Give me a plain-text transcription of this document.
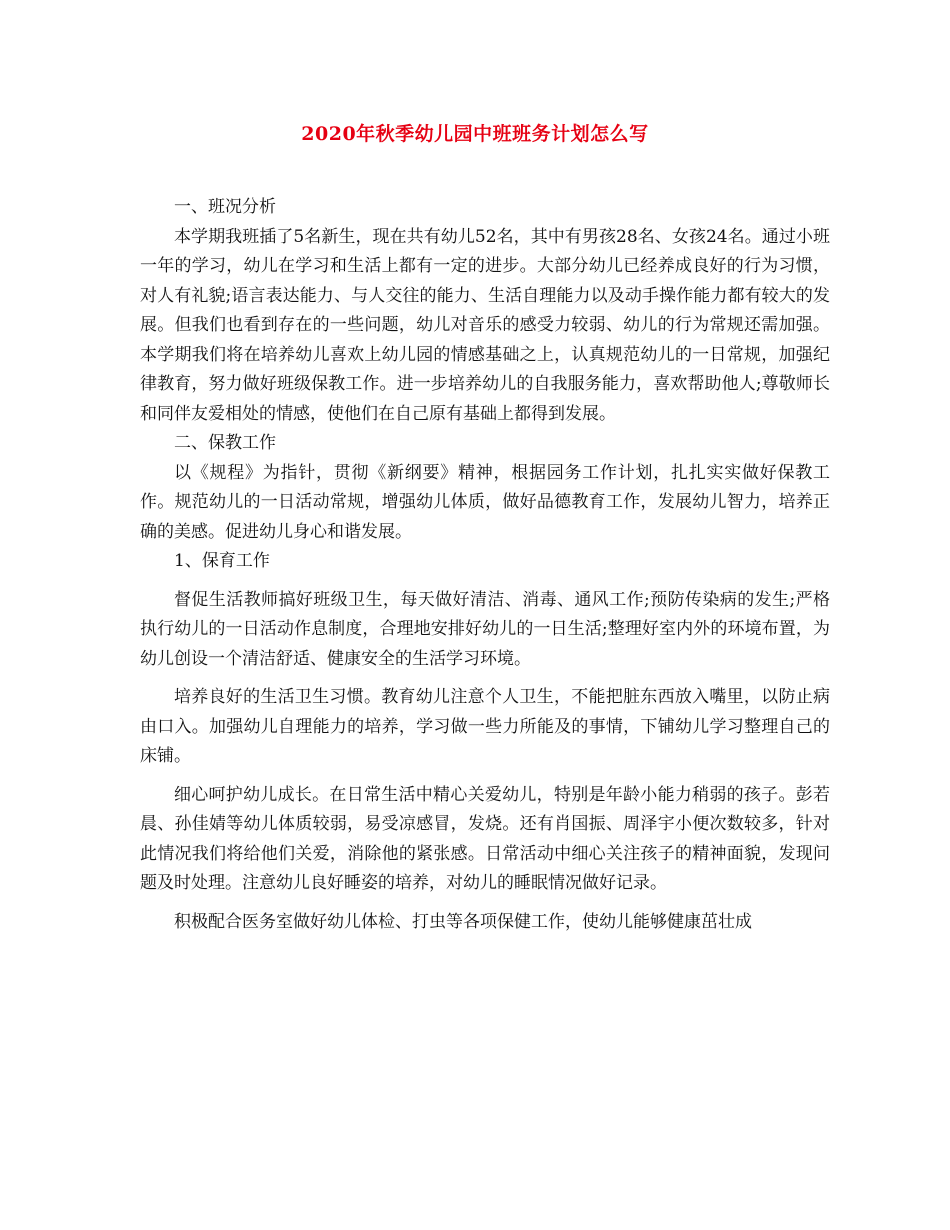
2020年秋季幼儿园中班班务计划怎么写

一、班况分析

本学期我班插了5名新生，现在共有幼儿52名，其中有男孩28名、女孩24名。通过小班一年的学习，幼儿在学习和生活上都有一定的进步。大部分幼儿已经养成良好的行为习惯，对人有礼貌;语言表达能力、与人交往的能力、生活自理能力以及动手操作能力都有较大的发展。但我们也看到存在的一些问题，幼儿对音乐的感受力较弱、幼儿的行为常规还需加强。本学期我们将在培养幼儿喜欢上幼儿园的情感基础之上，认真规范幼儿的一日常规，加强纪律教育，努力做好班级保教工作。进一步培养幼儿的自我服务能力，喜欢帮助他人;尊敬师长和同伴友爱相处的情感，使他们在自己原有基础上都得到发展。

二、保教工作

以《规程》为指针，贯彻《新纲要》精神，根据园务工作计划，扎扎实实做好保教工作。规范幼儿的一日活动常规，增强幼儿体质，做好品德教育工作，发展幼儿智力，培养正确的美感。促进幼儿身心和谐发展。

1、保育工作

督促生活教师搞好班级卫生，每天做好清洁、消毒、通风工作;预防传染病的发生;严格执行幼儿的一日活动作息制度，合理地安排好幼儿的一日生活;整理好室内外的环境布置，为幼儿创设一个清洁舒适、健康安全的生活学习环境。

培养良好的生活卫生习惯。教育幼儿注意个人卫生，不能把脏东西放入嘴里，以防止病由口入。加强幼儿自理能力的培养，学习做一些力所能及的事情，下铺幼儿学习整理自己的床铺。

细心呵护幼儿成长。在日常生活中精心关爱幼儿，特别是年龄小能力稍弱的孩子。彭若晨、孙佳婧等幼儿体质较弱，易受凉感冒，发烧。还有肖国振、周泽宇小便次数较多，针对此情况我们将给他们关爱，消除他的紧张感。日常活动中细心关注孩子的精神面貌，发现问题及时处理。注意幼儿良好睡姿的培养，对幼儿的睡眠情况做好记录。

积极配合医务室做好幼儿体检、打虫等各项保健工作，使幼儿能够健康茁壮成
